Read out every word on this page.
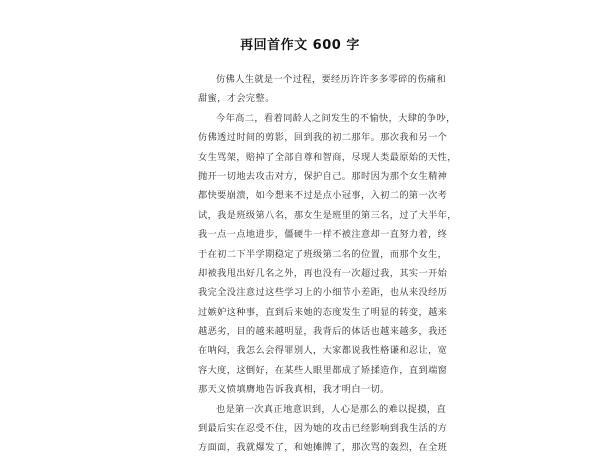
再回首作文 600 字
仿佛人生就是一个过程，要经历许许多多零碎的伤痛和
甜蜜，才会完整。
今年高二，看着同龄人之间发生的不愉快，大肆的争吵，
仿佛透过时间的剪影，回到我的初二那年。那次我和另一个
女生骂架，赔掉了全部自尊和智商，尽现人类最原始的天性，
抛开一切地去攻击对方，保护自己。那时因为那个女生精神
都快要崩溃，如今想来不过是点小冠事，入初二的第一次考
试，我是班级第八名，那女生是班里的第三名，过了大半年，
我一点一点地进步，僵硬牛一样不被注意却一直努力着，终
于在初二下半学期稳定了班级第二名的位置，而那个女生，
却被我甩出好几名之外，再也没有一次超过我，其实一开始
我完全没注意过这些学习上的小细节小差距，也从来没经历
过嫉妒这种事，直到后来她的态度发生了明显的转变，越来
越恶劣，目的越来越明显，我背后的体话也越来越多，我还
在呐闷，我怎么会得罪别人，大家都说我性格谦和忍让，宽
容大度，这倒好，在某些人眼里都成了矫揉造作，直到端窗
那天义愤填膺地告诉我真相，我才明白一切。
也是第一次真正地意识到，人心是那么的难以捉摸，直
到最后实在忍受不住，因为她的攻击已经影响到我生活的方
方面面，我就爆发了，和她摊牌了，那次骂的轰烈，在全班
